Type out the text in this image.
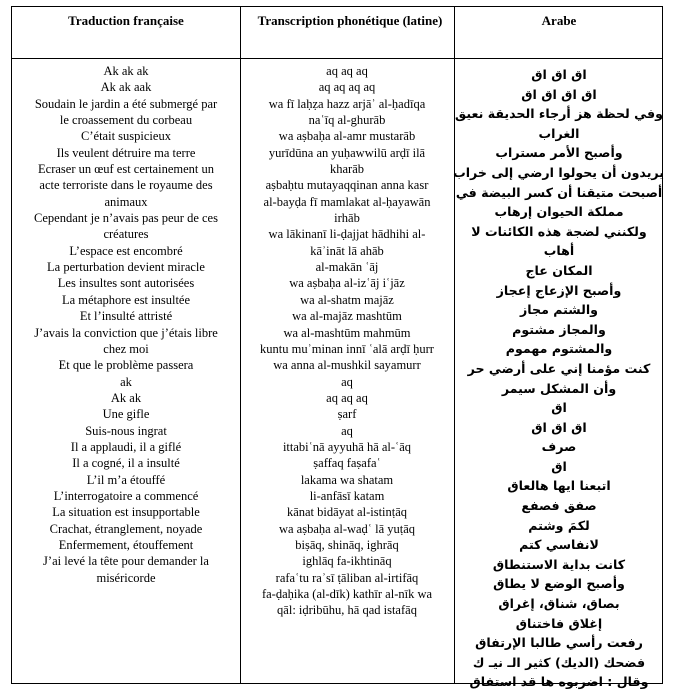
Traduction française	Transcription phonétique (latine)	Arabe
Ak ak ak
Ak ak aak
Soudain le jardin a été submergé par
le croassement du corbeau
C’était suspicieux
Ils veulent détruire ma terre
Ecraser un œuf est certainement un
acte terroriste dans le royaume des
animaux
Cependant je n’avais pas peur de ces
créatures
L’espace est encombré
La perturbation devient miracle
Les insultes sont autorisées
La métaphore est insultée
Et l’insulté attristé
J’avais la conviction que j’étais libre
chez moi
Et que le problème passera
ak
Ak ak
Une gifle
Suis-nous ingrat
Il a applaudi, il a giflé
Il a cogné, il a insulté
L’il m’a étouffé
L’interrogatoire a commencé
La situation est insupportable
Crachat, étranglement, noyade
Enfermement, étouffement
J’ai levé la tête pour demander la
miséricorde
aq aq aq
aq aq aq aq
wa fī laḥẓa hazz arjāʾ al-ḥadīqa
naʿīq al-ghurāb
wa aṣbaḥa al-amr mustarāb
yurīdūna an yuḥawwilū arḍī ilā
kharāb
aṣbaḥtu mutayaqqinan anna kasr
al-bayḍa fī mamlakat al-ḥayawān
irhāb
wa lākinanī li-ḍajjat hādhihi al-
kāʾināt lā ahāb
al-makān ʿāj
wa aṣbaḥa al-izʿāj iʿjāz
wa al-shatm majāz
wa al-majāz mashtūm
wa al-mashtūm mahmūm
kuntu muʾminan innī ʿalā arḍī ḥurr
wa anna al-mushkil sayamurr
aq
aq aq aq
ṣarf
aq
ittabiʿnā ayyuhā hā al-ʿāq
ṣaffaq faṣafaʿ
lakama wa shatam
li-anfāsī katam
kānat bidāyat al-istinṭāq
wa aṣbaḥa al-waḍʿ lā yuṭāq
biṣāq, shināq, ighrāq
ighlāq fa-ikhtināq
rafaʿtu raʾsī ṭāliban al-irtifāq
fa-ḍaḥika (al-dīk) kathīr al-nīk wa
qāl: iḍribūhu, hā qad istafāq
اق اق اق
اق اق اق اق
وفي لحظة هز أرجاء الحديقة نعيق
الغراب
وأصبح الأمر مستراب
يريدون أن يحولوا ارضي إلى خراب
أصبحت متيقنا أن كسر البيضة في
مملكة الحيوان إرهاب
ولكنني لضجة هذه الكائنات لا
أهاب
المكان عاج
وأصبح الإزعاج إعجاز
والشتم مجاز
والمجاز مشتوم
والمشتوم مهموم
كنت مؤمنا إني على أرضي حر
وأن المشكل سيمر
اق
اق اق اق
صرف
اق
اتبعنا ايها هالعاق
صفق فصفع
لكمَ وشتم
لانفاسي كتم
كانت بداية الاستنطاق
وأصبح الوضع لا يطاق
بصاق، شناق، إغراق
إغلاق فاختناق
رفعت رأسي طالبا الإرتفاق
فضحك (الديك) كثير الـ نيـ ك
وقال : اضربوه ها قد استفاق
